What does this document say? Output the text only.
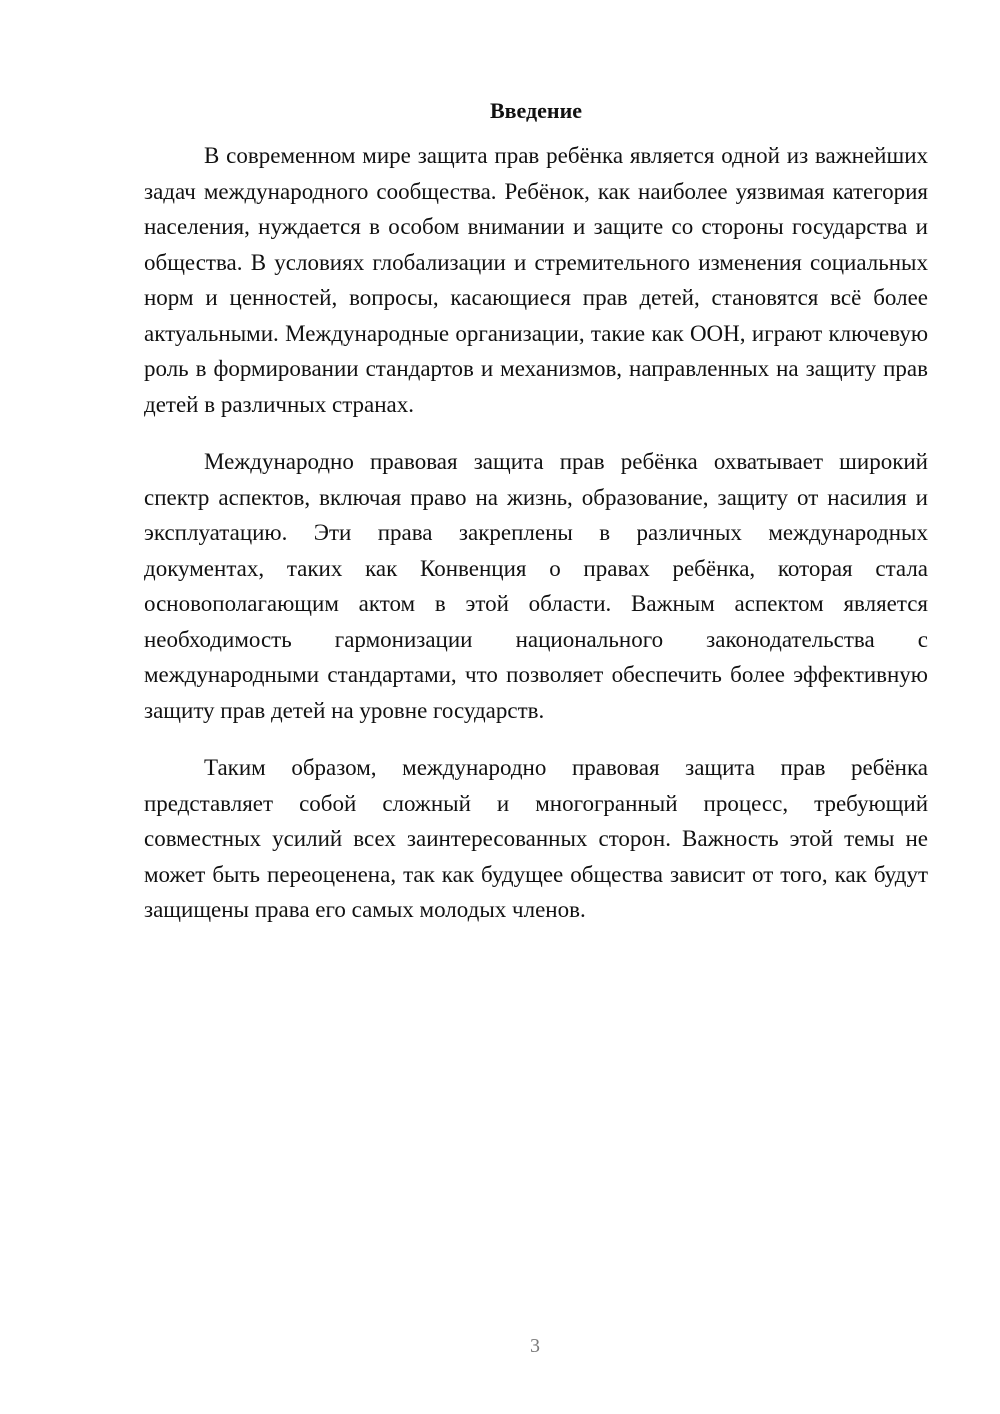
Введение

В современном мире защита прав ребёнка является одной из важнейших задач международного сообщества. Ребёнок, как наиболее уязвимая категория населения, нуждается в особом внимании и защите со стороны государства и общества. В условиях глобализации и стремительного изменения социальных норм и ценностей, вопросы, касающиеся прав детей, становятся всё более актуальными. Международные организации, такие как ООН, играют ключевую роль в формировании стандартов и механизмов, направленных на защиту прав детей в различных странах.

Международно правовая защита прав ребёнка охватывает широкий спектр аспектов, включая право на жизнь, образование, защиту от насилия и эксплуатацию. Эти права закреплены в различных международных документах, таких как Конвенция о правах ребёнка, которая стала основополагающим актом в этой области. Важным аспектом является необходимость гармонизации национального законодательства с международными стандартами, что позволяет обеспечить более эффективную защиту прав детей на уровне государств.

Таким образом, международно правовая защита прав ребёнка представляет собой сложный и многогранный процесс, требующий совместных усилий всех заинтересованных сторон. Важность этой темы не может быть переоценена, так как будущее общества зависит от того, как будут защищены права его самых молодых членов.

3
